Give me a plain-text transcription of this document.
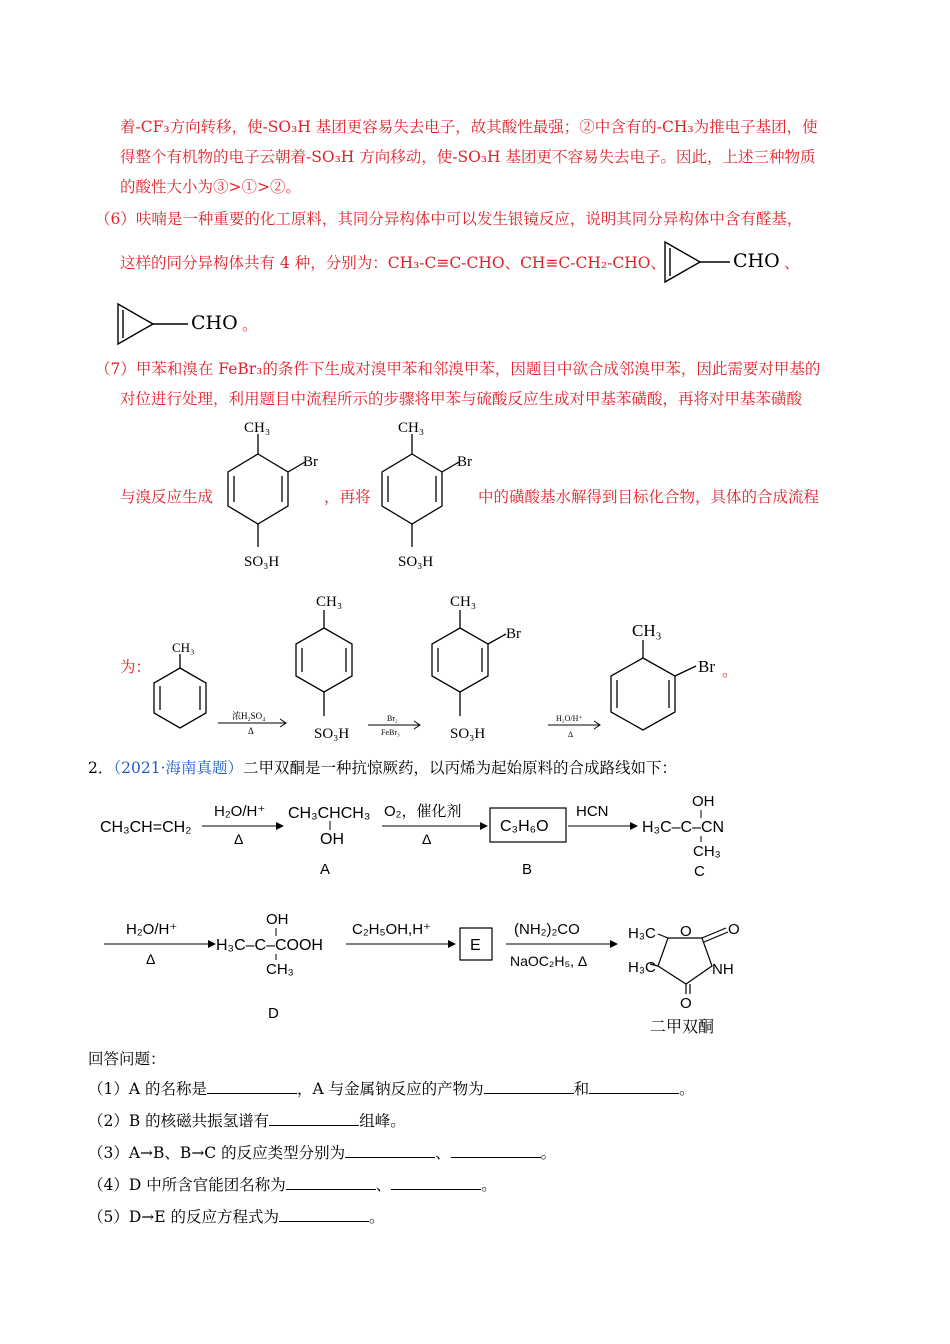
着-CF₃方向转移，使-SO₃H 基团更容易失去电子，故其酸性最强；②中含有的-CH₃为推电子基团，使
得整个有机物的电子云朝着-SO₃H 方向移动，使-SO₃H 基团更不容易失去电子。因此，上述三种物质
的酸性大小为③>①>②。
（6）呋喃是一种重要的化工原料，其同分异构体中可以发生银镜反应，说明其同分异构体中含有醛基，
这样的同分异构体共有 4 种，分别为：CH₃-C≡C-CHO、CH≡C-CH₂-CHO、	CHO 、
CHO 。
（7）甲苯和溴在 FeBr₃的条件下生成对溴甲苯和邻溴甲苯，因题目中欲合成邻溴甲苯，因此需要对甲基的
对位进行处理，利用题目中流程所示的步骤将甲苯与硫酸反应生成对甲基苯磺酸，再将对甲基苯磺酸
与溴反应生成	，再将	中的磺酸基水解得到目标化合物，具体的合成流程
CH₃
Br
SO₃H
CH₃
Br
SO₃H
为：
CH₃
浓H₂SO₄
Δ
CH₃
SO₃H
Br₂
FeBr₃
CH₃
Br
SO₃H
H₂O/H⁺
Δ
CH₃
Br 。
2．（2021·海南真题）二甲双酮是一种抗惊厥药，以丙烯为起始原料的合成路线如下：
CH₃CH=CH₂
H₂O/H⁺
Δ
CH₃CHCH₃
OH
A
O₂，催化剂
Δ
C₃H₆O
B
HCN
OH
H₃C–C–CN
CH₃
C
H₂O/H⁺
Δ
OH
H₃C–C–COOH
CH₃
D
C₂H₅OH,H⁺
E
(NH₂)₂CO
NaOC₂H₅, Δ
H₃C
H₃C
O O
NH
O
二甲双酮
回答问题：
（1）A 的名称是	，A 与金属钠反应的产物为	和	。
（2）B 的核磁共振氢谱有	组峰。
（3）A→B、B→C 的反应类型分别为	、	。
（4）D 中所含官能团名称为	、	。
（5）D→E 的反应方程式为	。
